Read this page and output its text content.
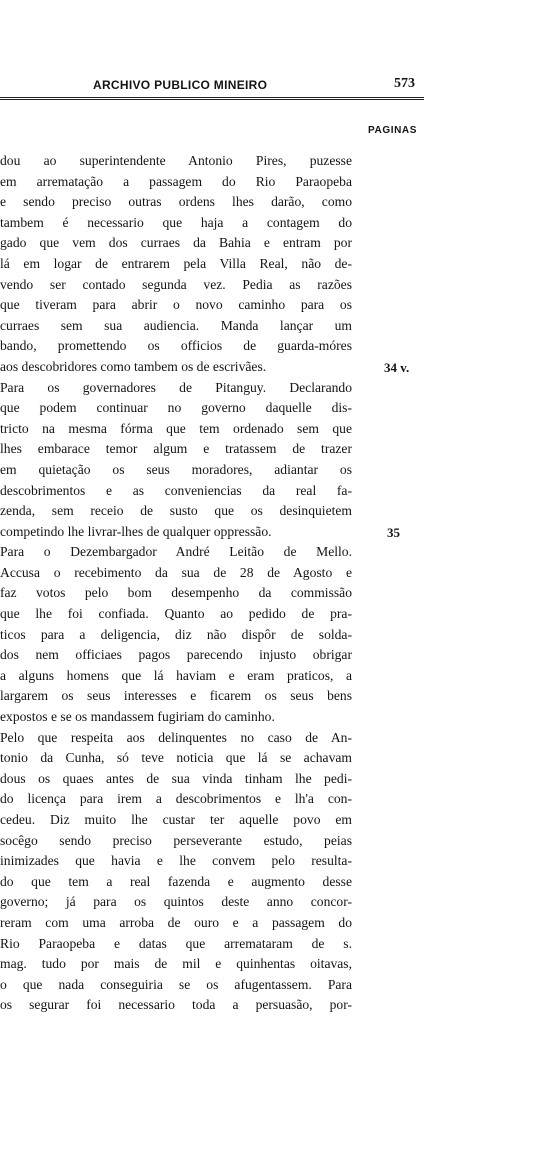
ARCHIVO PUBLICO MINEIRO	573
PAGINAS
dou ao superintendente Antonio Pires, puzesse
em arrematação a passagem do Rio Paraopeba
e sendo preciso outras ordens lhes darão, como
tambem é necessario que haja a contagem do
gado que vem dos curraes da Bahia e entram por
lá em logar de entrarem pela Villa Real, não de-
vendo ser contado segunda vez. Pedia as razões
que tiveram para abrir o novo caminho para os
curraes sem sua audiencia. Manda lançar um
bando, promettendo os officios de guarda-móres
aos descobridores como tambem os de escrivães.
Para os governadores de Pitanguy. Declarando
que podem continuar no governo daquelle dis-
tricto na mesma fórma que tem ordenado sem que
lhes embarace temor algum e tratassem de trazer
em quietação os seus moradores, adiantar os
descobrimentos e as conveniencias da real fa-
zenda, sem receio de susto que os desinquietem
competindo lhe livrar-lhes de qualquer oppressão.
Para o Dezembargador André Leitão de Mello.
Accusa o recebimento da sua de 28 de Agosto e
faz votos pelo bom desempenho da commissão
que lhe foi confiada. Quanto ao pedido de pra-
ticos para a deligencia, diz não dispôr de solda-
dos nem officiaes pagos parecendo injusto obrigar
a alguns homens que lá haviam e eram praticos, a
largarem os seus interesses e ficarem os seus bens
expostos e se os mandassem fugiriam do caminho.
Pelo que respeita aos delinquentes no caso de An-
tonio da Cunha, só teve noticia que lá se achavam
dous os quaes antes de sua vinda tinham lhe pedi-
do licença para irem a descobrimentos e lh'a con-
cedeu. Diz muito lhe custar ter aquelle povo em
socêgo sendo preciso perseverante estudo, peias
inimizades que havia e lhe convem pelo resulta-
do que tem a real fazenda e augmento desse
governo; já para os quintos deste anno concor-
reram com uma arroba de ouro e a passagem do
Rio Paraopeba e datas que arremataram de s.
mag. tudo por mais de mil e quinhentas oitavas,
o que nada conseguiria se os afugentassem. Para
os segurar foi necessario toda a persuasão, por-
34 v.
35
